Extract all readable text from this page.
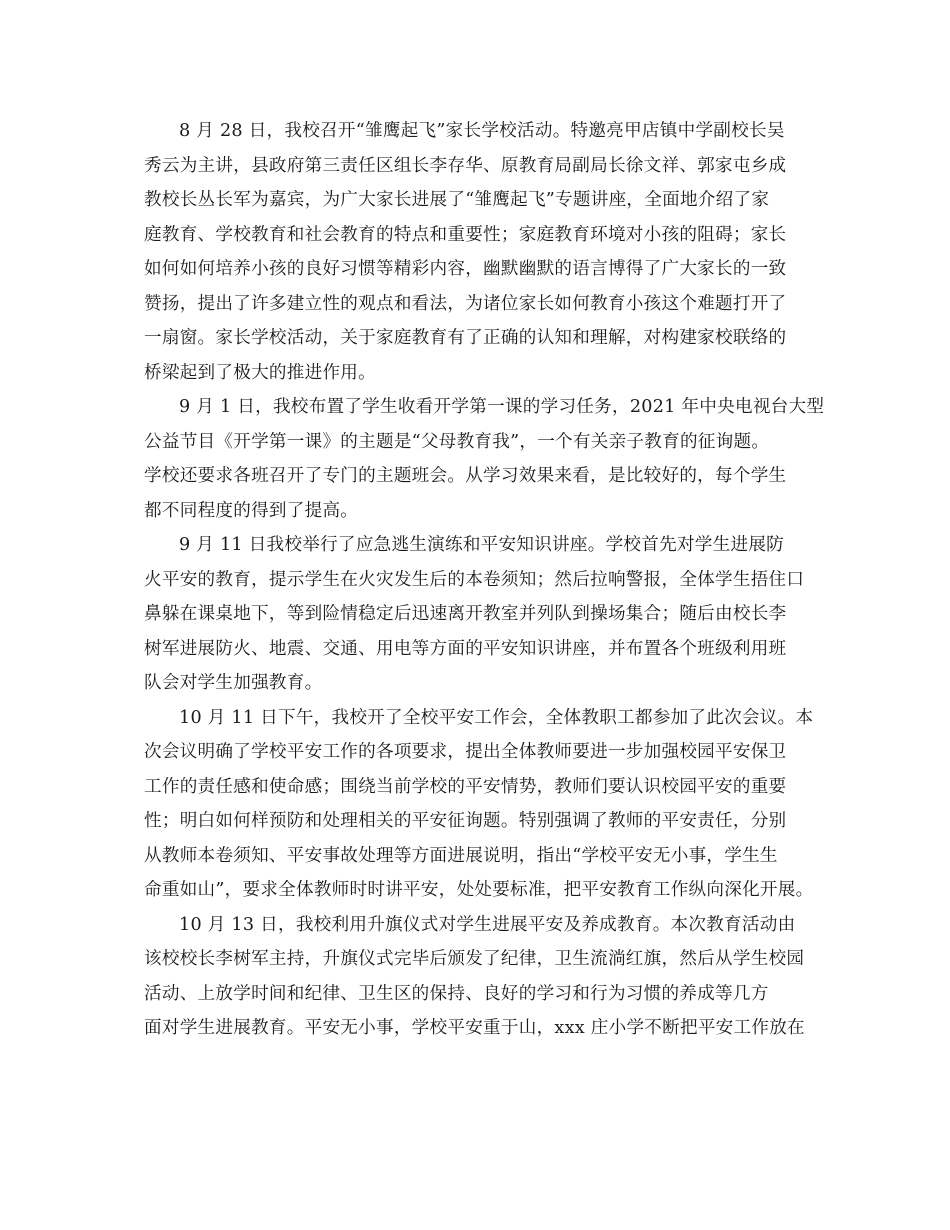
8 月 28 日，我校召开“雏鹰起飞”家长学校活动。特邀亮甲店镇中学副校长吴
秀云为主讲，县政府第三责任区组长李存华、原教育局副局长徐文祥、郭家屯乡成
教校长丛长军为嘉宾，为广大家长进展了“雏鹰起飞”专题讲座，全面地介绍了家
庭教育、学校教育和社会教育的特点和重要性；家庭教育环境对小孩的阻碍；家长
如何如何培养小孩的良好习惯等精彩内容，幽默幽默的语言博得了广大家长的一致
赞扬，提出了许多建立性的观点和看法，为诸位家长如何教育小孩这个难题打开了
一扇窗。家长学校活动，关于家庭教育有了正确的认知和理解，对构建家校联络的
桥梁起到了极大的推进作用。
9 月 1 日，我校布置了学生收看开学第一课的学习任务，2021 年中央电视台大型
公益节目《开学第一课》的主题是“父母教育我”，一个有关亲子教育的征询题。
学校还要求各班召开了专门的主题班会。从学习效果来看，是比较好的，每个学生
都不同程度的得到了提高。
9 月 11 日我校举行了应急逃生演练和平安知识讲座。学校首先对学生进展防
火平安的教育，提示学生在火灾发生后的本卷须知；然后拉响警报，全体学生捂住口
鼻躲在课桌地下，等到险情稳定后迅速离开教室并列队到操场集合；随后由校长李
树军进展防火、地震、交通、用电等方面的平安知识讲座，并布置各个班级利用班
队会对学生加强教育。
10 月 11 日下午，我校开了全校平安工作会，全体教职工都参加了此次会议。本
次会议明确了学校平安工作的各项要求，提出全体教师要进一步加强校园平安保卫
工作的责任感和使命感；围绕当前学校的平安情势，教师们要认识校园平安的重要
性；明白如何样预防和处理相关的平安征询题。特别强调了教师的平安责任，分别
从教师本卷须知、平安事故处理等方面进展说明，指出“学校平安无小事，学生生
命重如山”，要求全体教师时时讲平安，处处要标准，把平安教育工作纵向深化开展。
10 月 13 日，我校利用升旗仪式对学生进展平安及养成教育。本次教育活动由
该校校长李树军主持，升旗仪式完毕后颁发了纪律，卫生流淌红旗，然后从学生校园
活动、上放学时间和纪律、卫生区的保持、良好的学习和行为习惯的养成等几方
面对学生进展教育。平安无小事，学校平安重于山，xxx 庄小学不断把平安工作放在
